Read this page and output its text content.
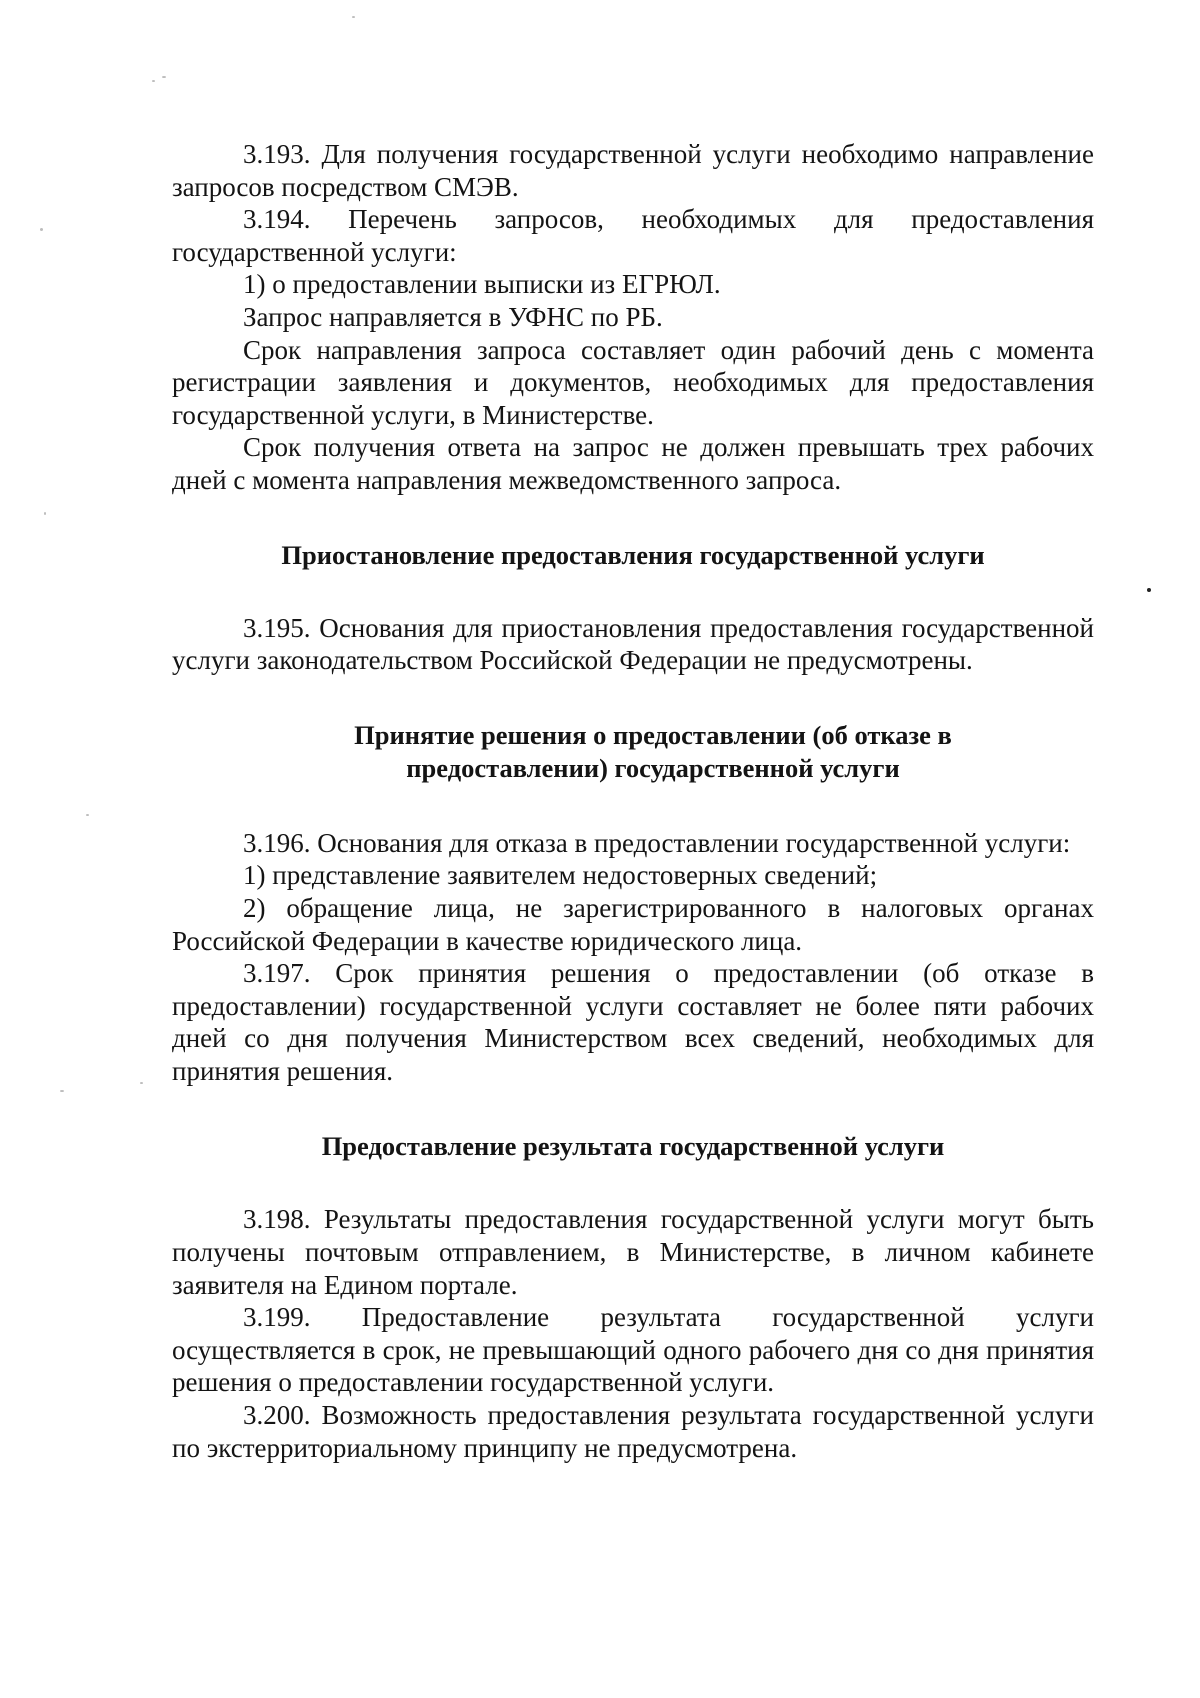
3.193. Для получения государственной услуги необходимо направление запросов посредством СМЭВ.

3.194. Перечень запросов, необходимых для предоставления государственной услуги:

1) о предоставлении выписки из ЕГРЮЛ.

Запрос направляется в УФНС по РБ.

Срок направления запроса составляет один рабочий день с момента регистрации заявления и документов, необходимых для предоставления государственной услуги, в Министерстве.

Срок получения ответа на запрос не должен превышать трех рабочих дней с момента направления межведомственного запроса.

Приостановление предоставления государственной услуги

3.195. Основания для приостановления предоставления государственной услуги законодательством Российской Федерации не предусмотрены.

Принятие решения о предоставлении (об отказе в

предоставлении) государственной услуги

3.196. Основания для отказа в предоставлении государственной услуги:

1) представление заявителем недостоверных сведений;

2) обращение лица, не зарегистрированного в налоговых органах Российской Федерации в качестве юридического лица.

3.197. Срок принятия решения о предоставлении (об отказе в предоставлении) государственной услуги составляет не более пяти рабочих дней со дня получения Министерством всех сведений, необходимых для принятия решения.

Предоставление результата государственной услуги

3.198. Результаты предоставления государственной услуги могут быть получены почтовым отправлением, в Министерстве, в личном кабинете заявителя на Едином портале.

3.199. Предоставление результата государственной услуги осуществляется в срок, не превышающий одного рабочего дня со дня принятия решения о предоставлении государственной услуги.

3.200. Возможность предоставления результата государственной услуги по экстерриториальному принципу не предусмотрена.
